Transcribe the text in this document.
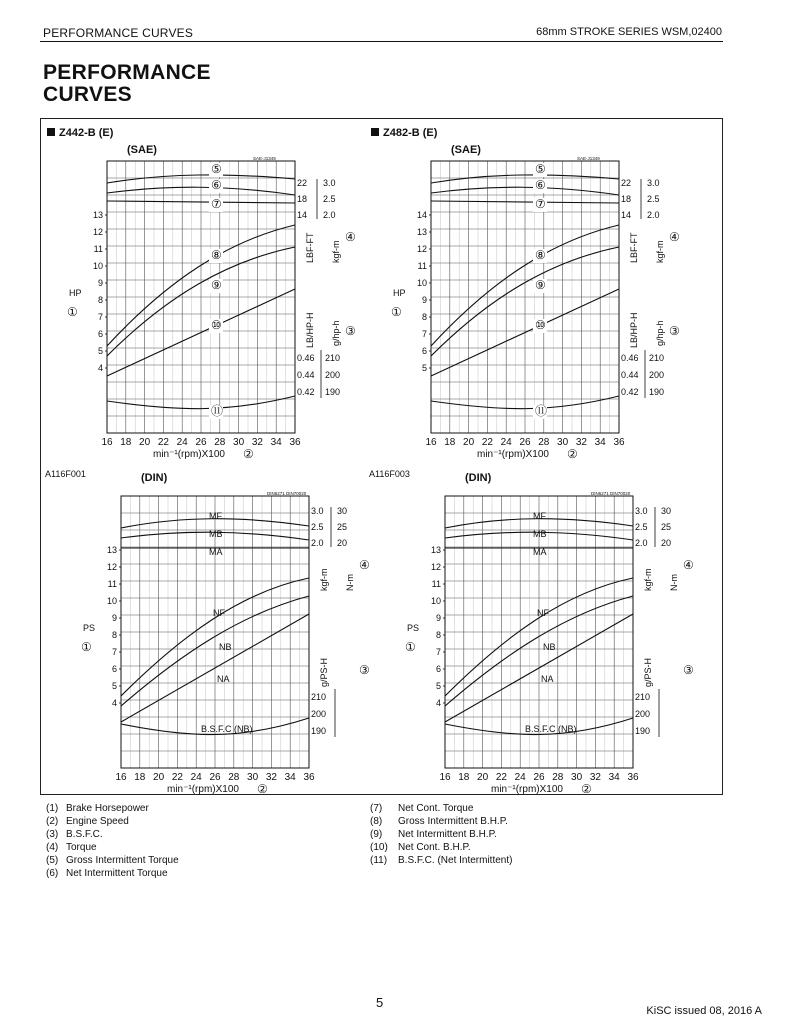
PERFORMANCE CURVES	68mm STROKE SERIES WSM,02400
PERFORMANCE
CURVES
Z442-B (E)
(SAE)
SAE-J1349
16 18 20 22 24 26 28 30 32 34 36
min⁻¹(rpm)X100 ②
13
12
11
10
9
8
7
6
5
4
HP
①
22
18
14
3.0
2.5
2.0
LBF-FT kgf-m
④
0.46
0.44
0.42
210
200
190
LB/HP-H g/hp-h ③
A116F001
⑤
⑥
⑦
⑧
⑨
⑩
⑪
Z482-B (E)
(SAE)
SAE-J1349
16 18 20 22 24 26 28 30 32 34 36
min⁻¹(rpm)X100 ②
14
13
12
11
10
9
8
7
6
5
HP
①
22
18
14
3.0
2.5
2.0
LBF-FT kgf-m
④
0.46
0.44
0.42
210
200
190
LB/HP-H g/hp-h ③
A116F003
⑤
⑥
⑦
⑧
⑨
⑩
⑪
(DIN)
DIN6271 DIN70020
16 18 20 22 24 26 28 30 32 34 36
min⁻¹(rpm)X100 ②
13
12
11
10
9
8
7
6
5
4
PS
①
3.0
2.5
2.0
30
25
20
kgf-m N-m
④
210
200
190
g/PS-H	③
MF
MB
MA
NF
NB
NA
B.S.F.C (NB)
(DIN)
DIN6271 DIN70020
16 18 20 22 24 26 28 30 32 34 36
min⁻¹(rpm)X100 ②
13
12
11
10
9
8
7
6
5
4
PS
①
3.0
2.5
2.0
30
25
20
kgf-m N-m
④
210
200
190
g/PS-H	③
MF
MB
MA
NF
NB
NA
B.S.F.C (NB)
(1) Brake Horsepower
(2) Engine Speed
(3) B.S.F.C.
(4) Torque
(5) Gross Intermittent Torque
(6) Net Intermittent Torque
(7) Net Cont. Torque
(8) Gross Intermittent B.H.P.
(9) Net Intermittent B.H.P.
(10) Net Cont. B.H.P.
(11) B.S.F.C. (Net Intermittent)
5
KiSC issued 08, 2016 A
